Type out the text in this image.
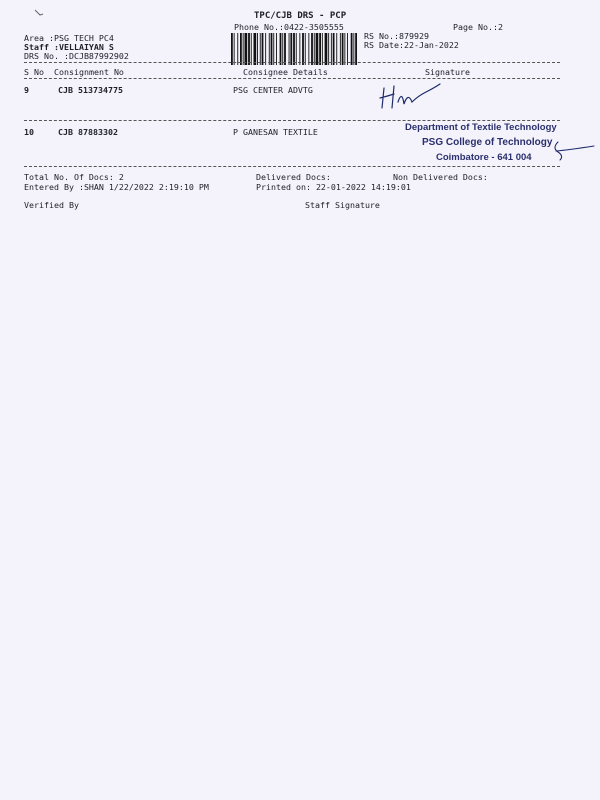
TPC/CJB DRS - PCP
Phone No.:0422-3505555	Page No.:2
Area :PSG TECH PC4
Staff :VELLAIYAN S
DRS No. :DCJB87992902
RS No.:879929
RS Date:22-Jan-2022
S No Consignment No	Consignee Details	Signature
9	CJB 513734775	PSG CENTER ADVTG
10	CJB 87883302	P GANESAN TEXTILE	Department of Textile Technology
PSG College of Technology
Coimbatore - 641 004
Total No. Of Docs: 2	Delivered Docs:	Non Delivered Docs:
Entered By :SHAN 1/22/2022 2:19:10 PM	Printed on: 22-01-2022 14:19:01
Verified By	Staff Signature
